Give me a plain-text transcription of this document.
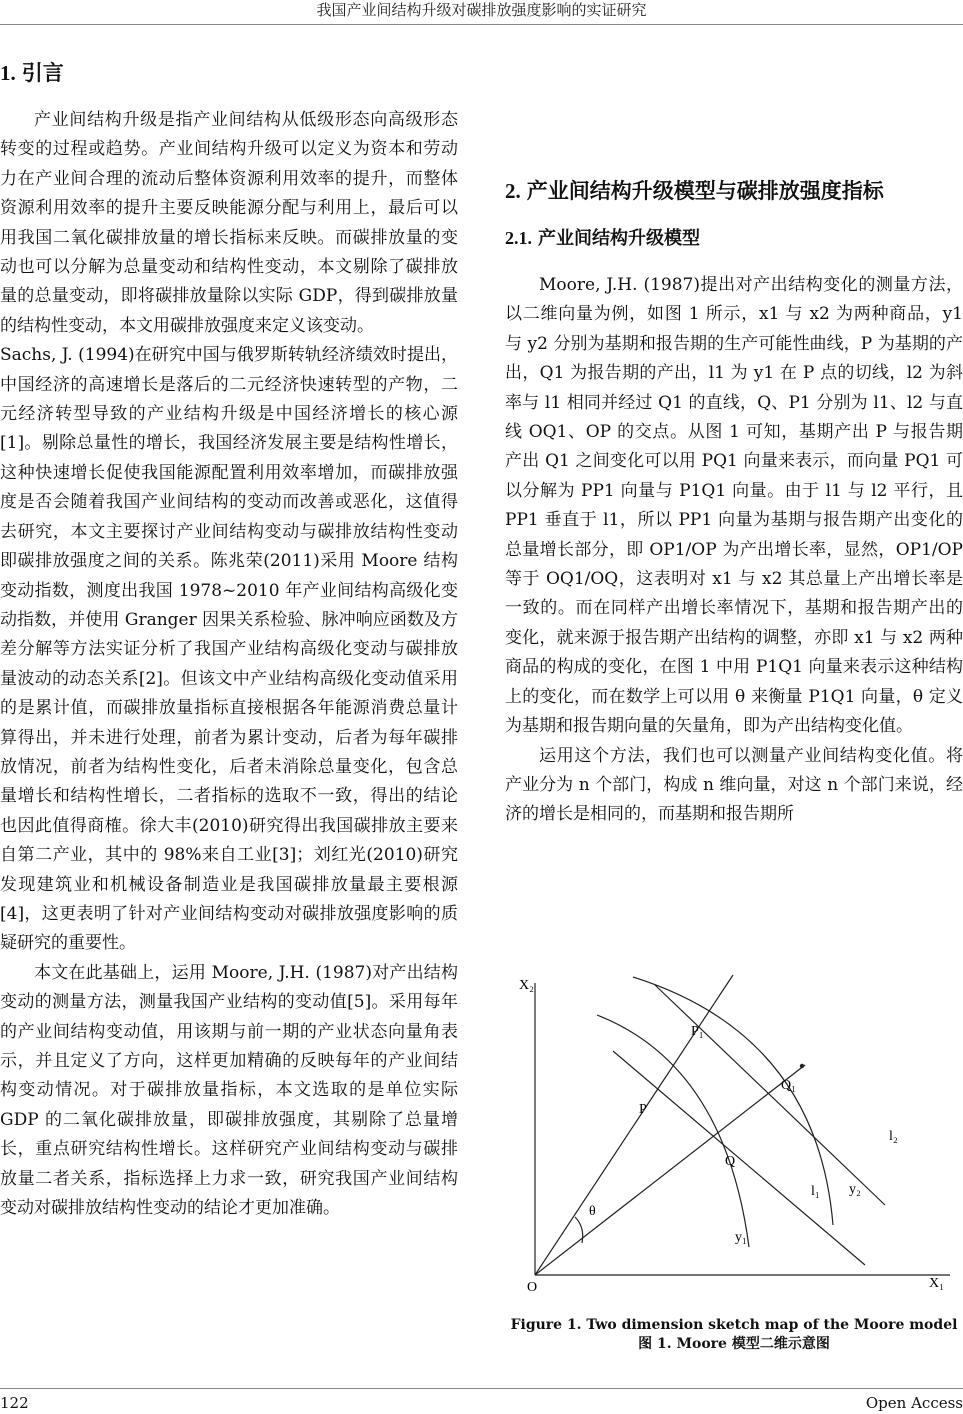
我国产业间结构升级对碳排放强度影响的实证研究
1. 引言

产业间结构升级是指产业间结构从低级形态向高级形态转变的过程或趋势。产业间结构升级可以定义为资本和劳动力在产业间合理的流动后整体资源利用效率的提升，而整体资源利用效率的提升主要反映能源分配与利用上，最后可以用我国二氧化碳排放量的增长指标来反映。而碳排放量的变动也可以分解为总量变动和结构性变动，本文剔除了碳排放量的总量变动，即将碳排放量除以实际 GDP，得到碳排放量的结构性变动，本文用碳排放强度来定义该变动。

Sachs, J. (1994)在研究中国与俄罗斯转轨经济绩效时提出，中国经济的高速增长是落后的二元经济快速转型的产物，二元经济转型导致的产业结构升级是中国经济增长的核心源[1]。剔除总量性的增长，我国经济发展主要是结构性增长，这种快速增长促使我国能源配置利用效率增加，而碳排放强度是否会随着我国产业间结构的变动而改善或恶化，这值得去研究，本文主要探讨产业间结构变动与碳排放结构性变动即碳排放强度之间的关系。陈兆荣(2011)采用 Moore 结构变动指数，测度出我国 1978~2010 年产业间结构高级化变动指数，并使用 Granger 因果关系检验、脉冲响应函数及方差分解等方法实证分析了我国产业结构高级化变动与碳排放量波动的动态关系[2]。但该文中产业结构高级化变动值采用的是累计值，而碳排放量指标直接根据各年能源消费总量计算得出，并未进行处理，前者为累计变动，后者为每年碳排放情况，前者为结构性变化，后者未消除总量变化，包含总量增长和结构性增长，二者指标的选取不一致，得出的结论也因此值得商榷。徐大丰(2010)研究得出我国碳排放主要来自第二产业，其中的 98%来自工业[3]；刘红光(2010)研究发现建筑业和机械设备制造业是我国碳排放量最主要根源[4]，这更表明了针对产业间结构变动对碳排放强度影响的质疑研究的重要性。

本文在此基础上，运用 Moore, J.H. (1987)对产出结构变动的测量方法，测量我国产业结构的变动值[5]。采用每年的产业间结构变动值，用该期与前一期的产业状态向量角表示，并且定义了方向，这样更加精确的反映每年的产业间结构变动情况。对于碳排放量指标，本文选取的是单位实际 GDP 的二氧化碳排放量，即碳排放强度，其剔除了总量增长，重点研究结构性增长。这样研究产业间结构变动与碳排放量二者关系，指标选择上力求一致，研究我国产业间结构变动对碳排放结构性变动的结论才更加准确。

2. 产业间结构升级模型与碳排放强度指标
2.1. 产业间结构升级模型

Moore, J.H. (1987)提出对产出结构变化的测量方法，以二维向量为例，如图 1 所示，x1 与 x2 为两种商品，y1 与 y2 分别为基期和报告期的生产可能性曲线，P 为基期的产出，Q1 为报告期的产出，l1 为 y1 在 P 点的切线，l2 为斜率与 l1 相同并经过 Q1 的直线，Q、P1 分别为 l1、l2 与直线 OQ1、OP 的交点。从图 1 可知，基期产出 P 与报告期产出 Q1 之间变化可以用 PQ1 向量来表示，而向量 PQ1 可以分解为 PP1 向量与 P1Q1 向量。由于 l1 与 l2 平行，且 PP1 垂直于 l1，所以 PP1 向量为基期与报告期产出变化的总量增长部分，即 OP1/OP 为产出增长率，显然，OP1/OP 等于 OQ1/OQ，这表明对 x1 与 x2 其总量上产出增长率是一致的。而在同样产出增长率情况下，基期和报告期产出的变化，就来源于报告期产出结构的调整，亦即 x1 与 x2 两种商品的构成的变化，在图 1 中用 P1Q1 向量来表示这种结构上的变化，而在数学上可以用 θ 来衡量 P1Q1 向量，θ 定义为基期和报告期向量的矢量角，即为产出结构变化值。

运用这个方法，我们也可以测量产业间结构变化值。将产业分为 n 个部门，构成 n 维向量，对这 n 个部门来说，经济的增长是相同的，而基期和报告期所

X₂
X₁
O
P
P₁
Q
Q₁
l₂
l₁ y₂
y₁
θ
Figure 1. Two dimension sketch map of the Moore model
图 1. Moore 模型二维示意图
122	Open Access
